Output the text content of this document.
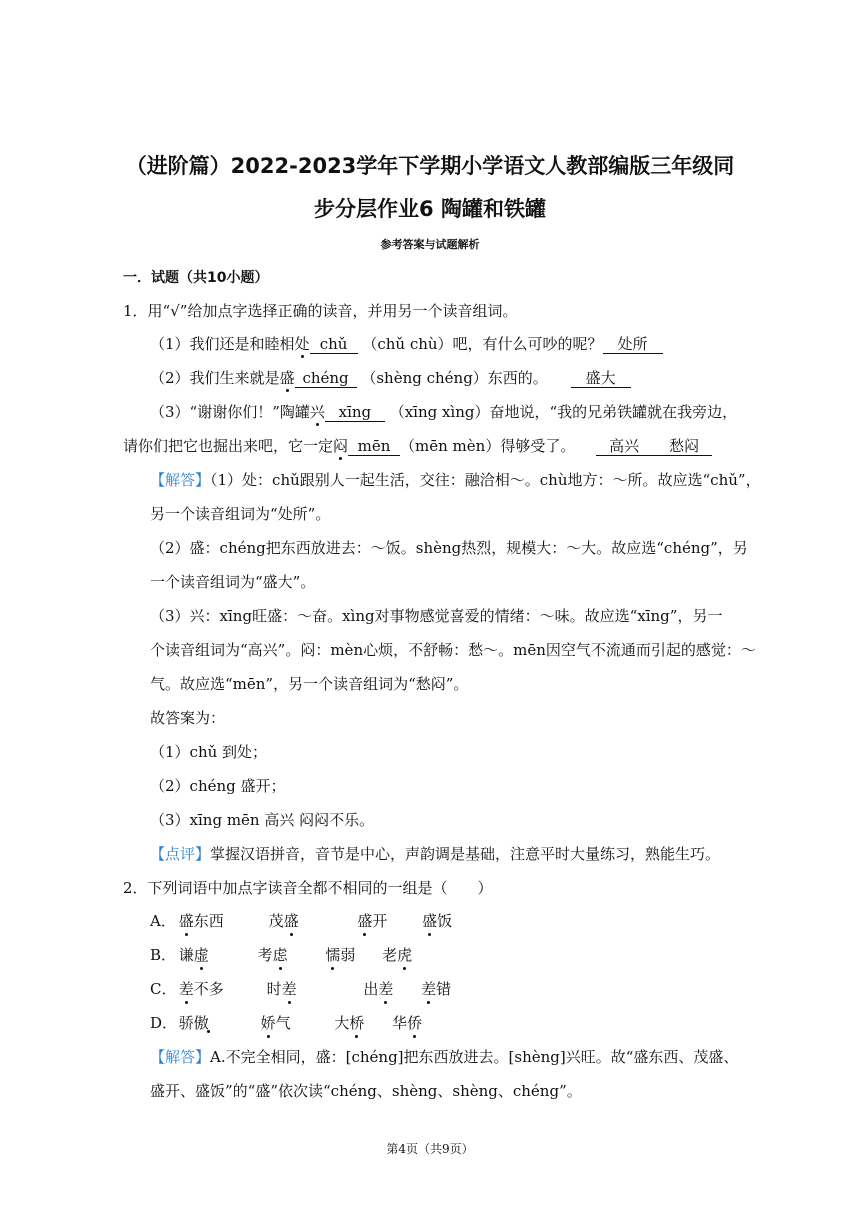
（进阶篇）2022-2023学年下学期小学语文人教部编版三年级同
步分层作业6 陶罐和铁罐
参考答案与试题解析
一．试题（共10小题）
1．用“√”给加点字选择正确的读音，并用另一个读音组词。
（1）我们还是和睦相处 chǔ （chǔ chù）吧，有什么可吵的呢？ 处所
（2）我们生来就是盛 chéng （shèng chéng）东西的。	盛大
（3）“谢谢你们！”陶罐兴 xīng （xīng xìng）奋地说，“我的兄弟铁罐就在我旁边，
请你们把它也掘出来吧，它一定闷 mēn （mēn mèn）得够受了。 高兴　　愁闷
【解答】（1）处：chǔ跟别人一起生活，交往：融洽相～。chù地方：～所。故应选“chǔ”，
另一个读音组词为“处所”。
（2）盛：chéng把东西放进去：～饭。shèng热烈，规模大：～大。故应选“chéng”，另
一个读音组词为“盛大”。
（3）兴：xīng旺盛：～奋。xìng对事物感觉喜爱的情绪：～味。故应选“xīng”，另一
个读音组词为“高兴”。闷：mèn心烦，不舒畅：愁～。mēn因空气不流通而引起的感觉：～
气。故应选“mēn”，另一个读音组词为“愁闷”。
故答案为：
（1）chǔ 到处；
（2）chéng 盛开；
（3）xīng mēn 高兴 闷闷不乐。
【点评】掌握汉语拼音，音节是中心，声韵调是基础，注意平时大量练习，熟能生巧。
2．下列词语中加点字读音全都不相同的一组是（　　）
A． 盛东西	茂盛	盛开 盛饭
B． 谦虚	考虑	懦弱 老虎
C． 差不多	时差	出差 差错
D． 骄傲	娇气	大桥 华侨
【解答】A.不完全相同，盛：[chéng]把东西放进去。[shèng]兴旺。故“盛东西、茂盛、
盛开、盛饭”的“盛”依次读“chéng、shèng、shèng、chéng”。
第4页（共9页）
